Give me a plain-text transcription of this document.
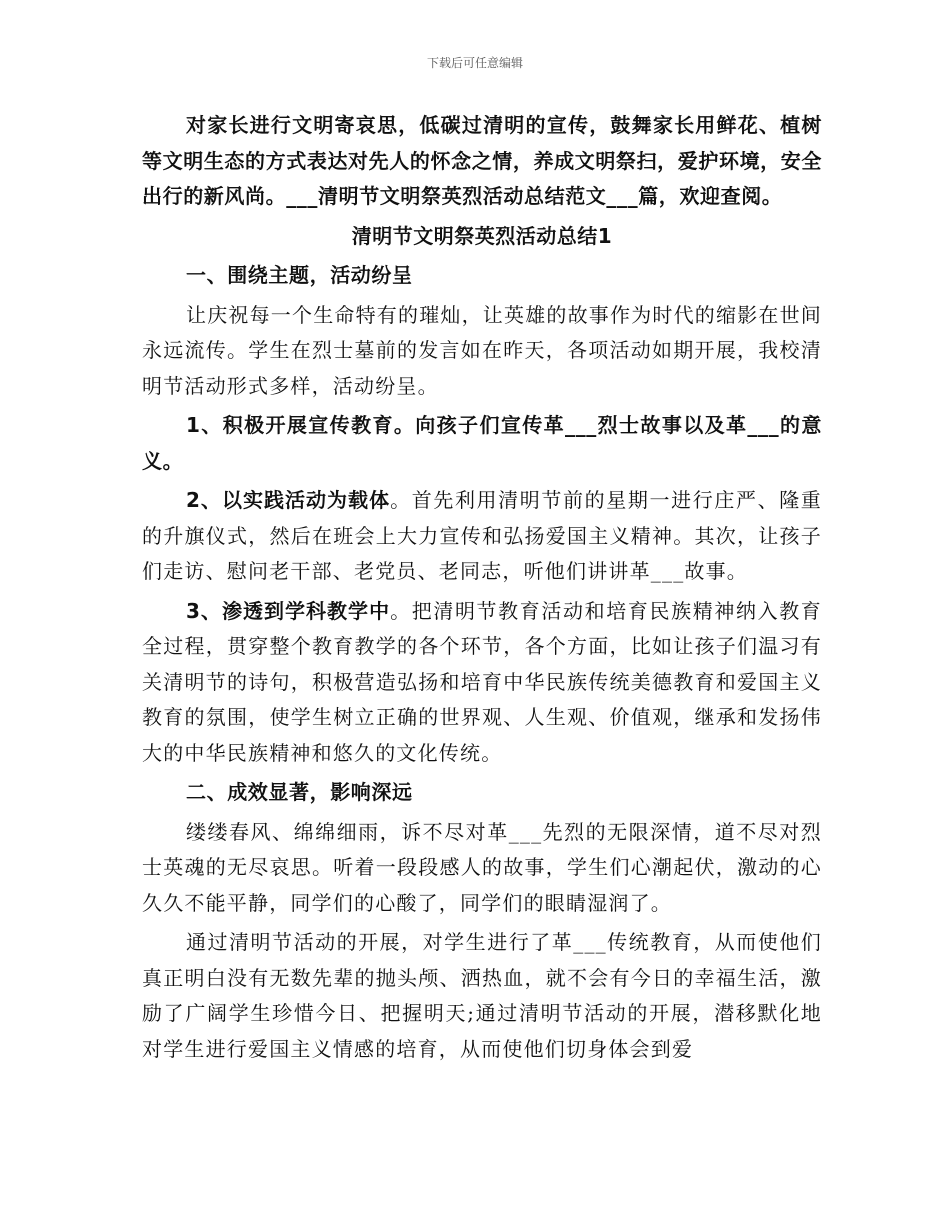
下载后可任意编辑

对家长进行文明寄哀思，低碳过清明的宣传，鼓舞家长用鲜花、植树等文明生态的方式表达对先人的怀念之情，养成文明祭扫，爱护环境，安全出行的新风尚。___清明节文明祭英烈活动总结范文___篇，欢迎查阅。

清明节文明祭英烈活动总结1

一、围绕主题，活动纷呈

让庆祝每一个生命特有的璀灿，让英雄的故事作为时代的缩影在世间永远流传。学生在烈士墓前的发言如在昨天，各项活动如期开展，我校清明节活动形式多样，活动纷呈。

1、积极开展宣传教育。向孩子们宣传革___烈士故事以及革___的意义。

2、以实践活动为载体。首先利用清明节前的星期一进行庄严、隆重的升旗仪式，然后在班会上大力宣传和弘扬爱国主义精神。其次，让孩子们走访、慰问老干部、老党员、老同志，听他们讲讲革___故事。

3、渗透到学科教学中。把清明节教育活动和培育民族精神纳入教育全过程，贯穿整个教育教学的各个环节，各个方面，比如让孩子们温习有关清明节的诗句，积极营造弘扬和培育中华民族传统美德教育和爱国主义教育的氛围，使学生树立正确的世界观、人生观、价值观，继承和发扬伟大的中华民族精神和悠久的文化传统。

二、成效显著，影响深远

缕缕春风、绵绵细雨，诉不尽对革___先烈的无限深情，道不尽对烈士英魂的无尽哀思。听着一段段感人的故事，学生们心潮起伏，激动的心久久不能平静，同学们的心酸了，同学们的眼睛湿润了。

通过清明节活动的开展，对学生进行了革___传统教育，从而使他们真正明白没有无数先辈的抛头颅、洒热血，就不会有今日的幸福生活，激励了广阔学生珍惜今日、把握明天;通过清明节活动的开展，潜移默化地对学生进行爱国主义情感的培育，从而使他们切身体会到爱
